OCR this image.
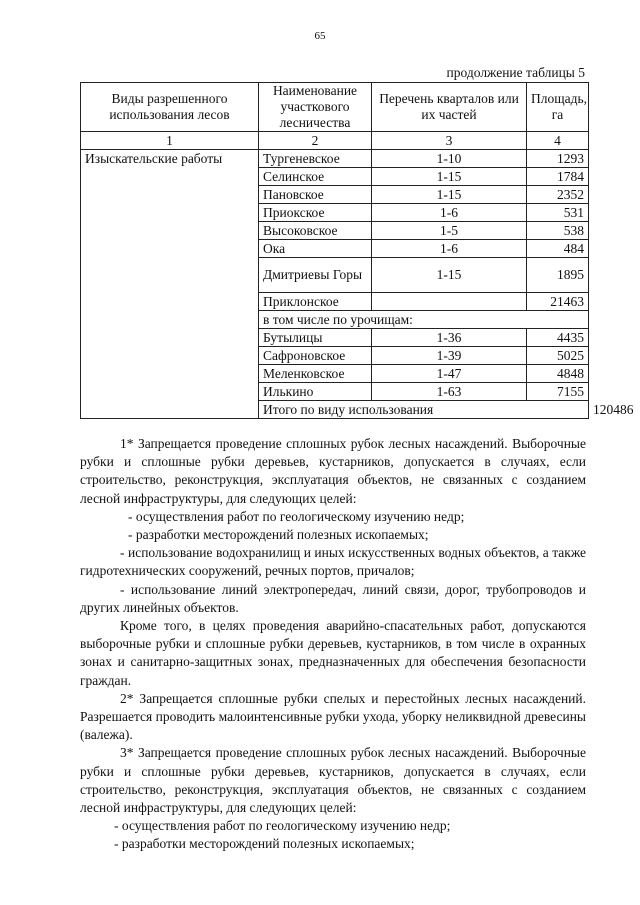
65
продолжение таблицы 5
Виды разрешенного использования лесов	Наименование участкового лесничества	Перечень кварталов или их частей	Площадь, га	
1	2	3	4	
Изыскательские работы	Тургеневское	1-10	1293	
	Селинское	1-15	1784	
	Пановское	1-15	2352	
	Приокское	1-6	531	
	Высоковское	1-5	538	
	Ока	1-6	484	
	Дмитриевы Горы	1-15	1895	
	Приклонское		21463	
	в том числе по урочищам:			
	Бутылицы	1-36	4435	
	Сафроновское	1-39	5025	
	Меленковское	1-47	4848	
	Илькино	1-63	7155	
	Итого по виду использования			120486

1* Запрещается проведение сплошных рубок лесных насаждений. Выборочные рубки и сплошные рубки деревьев, кустарников, допускается в случаях, если строительство, реконструкция, эксплуатация объектов, не связанных с созданием лесной инфраструктуры, для следующих целей:

- осуществления работ по геологическому изучению недр;

- разработки месторождений полезных ископаемых;

- использование водохранилищ и иных искусственных водных объектов, а также гидротехнических сооружений, речных портов, причалов;

- использование линий электропередач, линий связи, дорог, трубопроводов и других линейных объектов.

Кроме того, в целях проведения аварийно-спасательных работ, допускаются выборочные рубки и сплошные рубки деревьев, кустарников, в том числе в охранных зонах и санитарно-защитных зонах, предназначенных для обеспечения безопасности граждан.

2* Запрещается сплошные рубки спелых и перестойных лесных насаждений. Разрешается проводить малоинтенсивные рубки ухода, уборку неликвидной древесины (валежа).

3* Запрещается проведение сплошных рубок лесных насаждений. Выборочные рубки и сплошные рубки деревьев, кустарников, допускается в случаях, если строительство, реконструкция, эксплуатация объектов, не связанных с созданием лесной инфраструктуры, для следующих целей:

- осуществления работ по геологическому изучению недр;

- разработки месторождений полезных ископаемых;
